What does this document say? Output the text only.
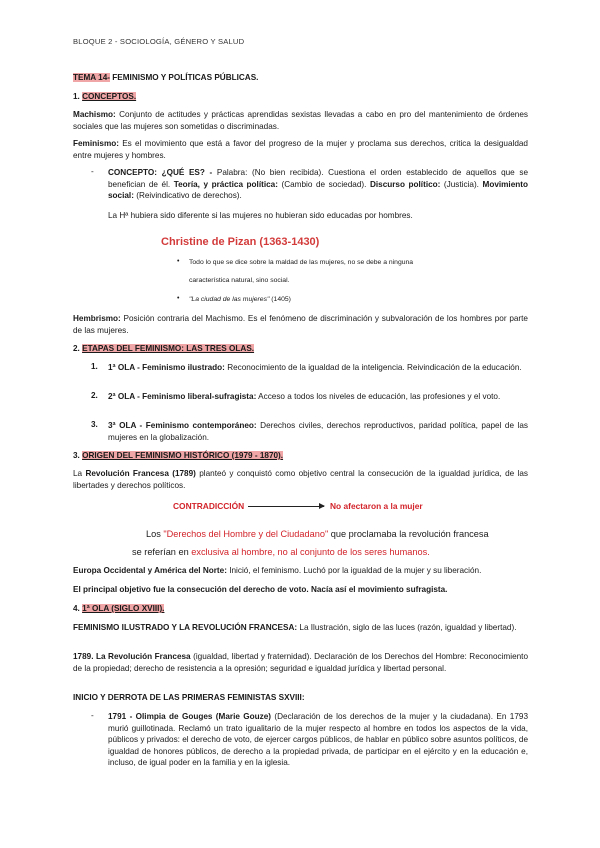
BLOQUE 2 - SOCIOLOGÍA, GÉNERO Y SALUD
TEMA 14- FEMINISMO Y POLÍTICAS PÚBLICAS.
1. CONCEPTOS.
Machismo: Conjunto de actitudes y prácticas aprendidas sexistas llevadas a cabo en pro del mantenimiento de órdenes sociales que las mujeres son sometidas o discriminadas.
Feminismo: Es el movimiento que está a favor del progreso de la mujer y proclama sus derechos, critica la desigualdad entre mujeres y hombres.
- CONCEPTO: ¿QUÉ ES? - Palabra: (No bien recibida). Cuestiona el orden establecido de aquellos que se benefician de él. Teoría, y práctica política: (Cambio de sociedad). Discurso político: (Justicia). Movimiento social: (Reivindicativo de derechos).
La Hª hubiera sido diferente si las mujeres no hubieran sido educadas por hombres.
Christine de Pizan (1363-1430)
• Todo lo que se dice sobre la maldad de las mujeres, no se debe a ninguna
característica natural, sino social.
• "La ciudad de las mujeres" (1405)
Hembrismo: Posición contraria del Machismo. Es el fenómeno de discriminación y subvaloración de los hombres por parte de las mujeres.
2. ETAPAS DEL FEMINISMO: LAS TRES OLAS.
1. 1ª OLA - Feminismo ilustrado: Reconocimiento de la igualdad de la inteligencia. Reivindicación de la educación.
2. 2ª OLA - Feminismo liberal-sufragista: Acceso a todos los niveles de educación, las profesiones y el voto.
3. 3ª OLA - Feminismo contemporáneo: Derechos civiles, derechos reproductivos, paridad política, papel de las mujeres en la globalización.
3. ORIGEN DEL FEMINISMO HISTÓRICO (1979 - 1870).
La Revolución Francesa (1789) planteó y conquistó como objetivo central la consecución de la igualdad jurídica, de las libertades y derechos políticos.
CONTRADICCIÓN	No afectaron a la mujer
Los "Derechos del Hombre y del Ciudadano" que proclamaba la revolución francesa
se referían en exclusiva al hombre, no al conjunto de los seres humanos.
Europa Occidental y América del Norte: Inició, el feminismo. Luchó por la igualdad de la mujer y su liberación.
El principal objetivo fue la consecución del derecho de voto. Nacía así el movimiento sufragista.
4. 1ª OLA (SIGLO XVIII).
FEMINISMO ILUSTRADO Y LA REVOLUCIÓN FRANCESA: La Ilustración, siglo de las luces (razón, igualdad y libertad).
1789. La Revolución Francesa (igualdad, libertad y fraternidad). Declaración de los Derechos del Hombre: Reconocimiento de la propiedad; derecho de resistencia a la opresión; seguridad e igualdad jurídica y libertad personal.
INICIO Y DERROTA DE LAS PRIMERAS FEMINISTAS SXVIII:
- 1791 - Olimpia de Gouges (Marie Gouze) (Declaración de los derechos de la mujer y la ciudadana). En 1793 murió guillotinada. Reclamó un trato igualitario de la mujer respecto al hombre en todos los aspectos de la vida, públicos y privados: el derecho de voto, de ejercer cargos públicos, de hablar en público sobre asuntos políticos, de igualdad de honores públicos, de derecho a la propiedad privada, de participar en el ejército y en la educación e, incluso, de igual poder en la familia y en la iglesia.
